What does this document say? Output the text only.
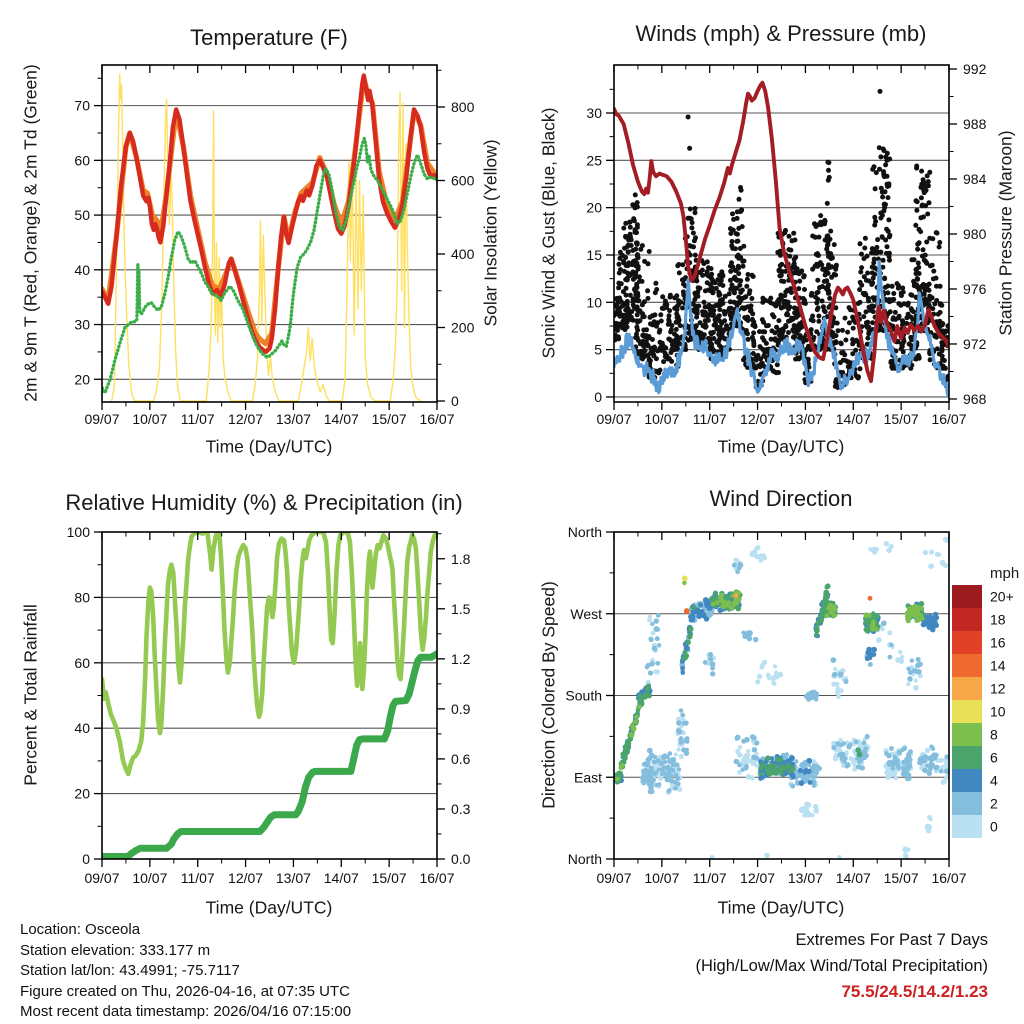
09/07 10/07 11/07 12/07 13/07 14/07 15/07 16/07
20
30
40
50
60
70
0
200
400
600
800
09/07 10/07 11/07 12/07 13/07 14/07 15/07 16/07
0
5
10
15
20
25
30
968
972
976
980
984
988
992
09/07 10/07 11/07 12/07 13/07 14/07 15/07 16/07
0
20
40
60
80
100
0.0
0.3
0.6
0.9
1.2
1.5
1.8
09/07 10/07 11/07 12/07 13/07 14/07 15/07 16/07
North
West
South
East
North
20+
18
16
14
12
10
8
6
4
2
0
Temperature (F)	Winds (mph) & Pressure (mb)
Relative Humidity (%) & Precipitation (in)	Wind Direction
2m & 9m T (Red, Orange) & 2m Td (Green)	Solar Insolation (Yellow) Sonic Wind & Gust (Blue, Black)	Station Pressure (Maroon)
Percent & Total Rainfall	Direction (Colored By Speed)
Time (Day/UTC)	Time (Day/UTC)
Time (Day/UTC)	Time (Day/UTC)
mph
Location: Osceola
Station elevation: 333.177 m
Station lat/lon: 43.4991; -75.7117
Figure created on Thu, 2026-04-16, at 07:35 UTC
Most recent data timestamp: 2026/04/16 07:15:00
Extremes For Past 7 Days
(High/Low/Max Wind/Total Precipitation)
75.5/24.5/14.2/1.23
